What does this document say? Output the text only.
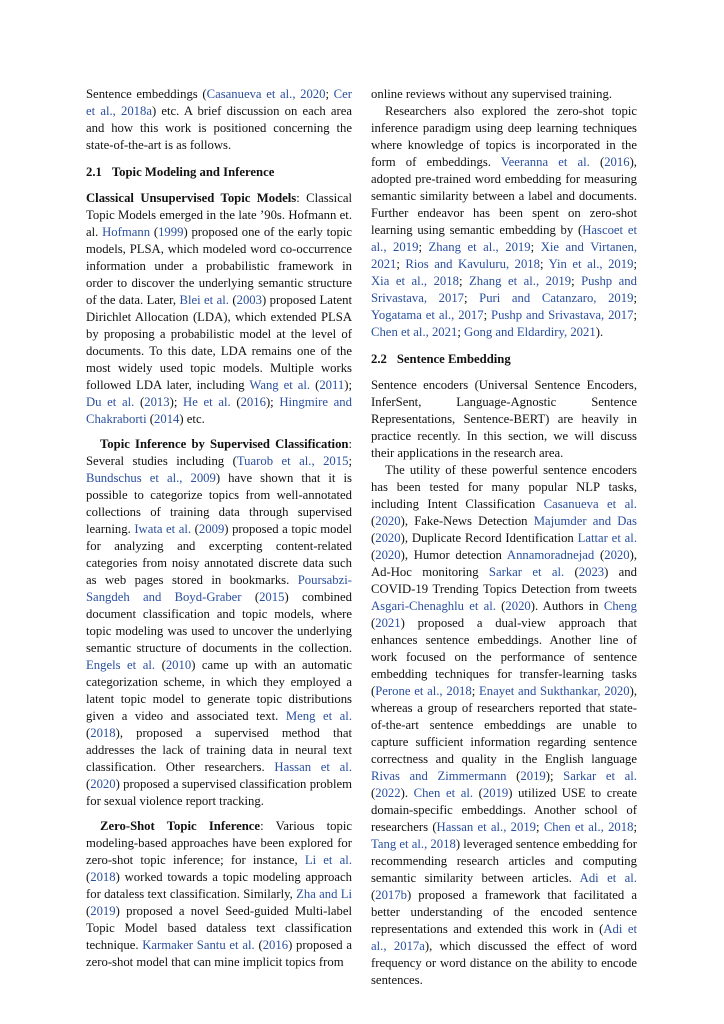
Sentence embeddings (Casanueva et al., 2020; Cer et al., 2018a) etc. A brief discussion on each area and how this work is positioned concerning the state-of-the-art is as follows.

2.1 Topic Modeling and Inference

Classical Unsupervised Topic Models: Classical Topic Models emerged in the late ’90s. Hofmann et. al. Hofmann (1999) proposed one of the early topic models, PLSA, which modeled word co-occurrence information under a probabilistic framework in order to discover the underlying semantic structure of the data. Later, Blei et al. (2003) proposed Latent Dirichlet Allocation (LDA), which extended PLSA by proposing a probabilistic model at the level of documents. To this date, LDA remains one of the most widely used topic models. Multiple works followed LDA later, including Wang et al. (2011); Du et al. (2013); He et al. (2016); Hingmire and Chakraborti (2014) etc.

Topic Inference by Supervised Classification: Several studies including (Tuarob et al., 2015; Bundschus et al., 2009) have shown that it is possible to categorize topics from well-annotated collections of training data through supervised learning. Iwata et al. (2009) proposed a topic model for analyzing and excerpting content-related categories from noisy annotated discrete data such as web pages stored in bookmarks. Poursabzi-Sangdeh and Boyd-Graber (2015) combined document classification and topic models, where topic modeling was used to uncover the underlying semantic structure of documents in the collection. Engels et al. (2010) came up with an automatic categorization scheme, in which they employed a latent topic model to generate topic distributions given a video and associated text. Meng et al. (2018), proposed a supervised method that addresses the lack of training data in neural text classification. Other researchers. Hassan et al. (2020) proposed a supervised classification problem for sexual violence report tracking.

Zero-Shot Topic Inference: Various topic modeling-based approaches have been explored for zero-shot topic inference; for instance, Li et al. (2018) worked towards a topic modeling approach for dataless text classification. Similarly, Zha and Li (2019) proposed a novel Seed-guided Multi-label Topic Model based dataless text classification technique. Karmaker Santu et al. (2016) proposed a zero-shot model that can mine implicit topics from

online reviews without any supervised training.

Researchers also explored the zero-shot topic inference paradigm using deep learning techniques where knowledge of topics is incorporated in the form of embeddings. Veeranna et al. (2016), adopted pre-trained word embedding for measuring semantic similarity between a label and documents. Further endeavor has been spent on zero-shot learning using semantic embedding by (Hascoet et al., 2019; Zhang et al., 2019; Xie and Virtanen, 2021; Rios and Kavuluru, 2018; Yin et al., 2019; Xia et al., 2018; Zhang et al., 2019; Pushp and Srivastava, 2017; Puri and Catanzaro, 2019; Yogatama et al., 2017; Pushp and Srivastava, 2017; Chen et al., 2021; Gong and Eldardiry, 2021).

2.2 Sentence Embedding

Sentence encoders (Universal Sentence Encoders, InferSent, Language-Agnostic Sentence Representations, Sentence-BERT) are heavily in practice recently. In this section, we will discuss their applications in the research area.

The utility of these powerful sentence encoders has been tested for many popular NLP tasks, including Intent Classification Casanueva et al. (2020), Fake-News Detection Majumder and Das (2020), Duplicate Record Identification Lattar et al. (2020), Humor detection Annamoradnejad (2020), Ad-Hoc monitoring Sarkar et al. (2023) and COVID-19 Trending Topics Detection from tweets Asgari-Chenaghlu et al. (2020). Authors in Cheng (2021) proposed a dual-view approach that enhances sentence embeddings. Another line of work focused on the performance of sentence embedding techniques for transfer-learning tasks (Perone et al., 2018; Enayet and Sukthankar, 2020), whereas a group of researchers reported that state-of-the-art sentence embeddings are unable to capture sufficient information regarding sentence correctness and quality in the English language Rivas and Zimmermann (2019); Sarkar et al. (2022). Chen et al. (2019) utilized USE to create domain-specific embeddings. Another school of researchers (Hassan et al., 2019; Chen et al., 2018; Tang et al., 2018) leveraged sentence embedding for recommending research articles and computing semantic similarity between articles. Adi et al. (2017b) proposed a framework that facilitated a better understanding of the encoded sentence representations and extended this work in (Adi et al., 2017a), which discussed the effect of word frequency or word distance on the ability to encode sentences.
